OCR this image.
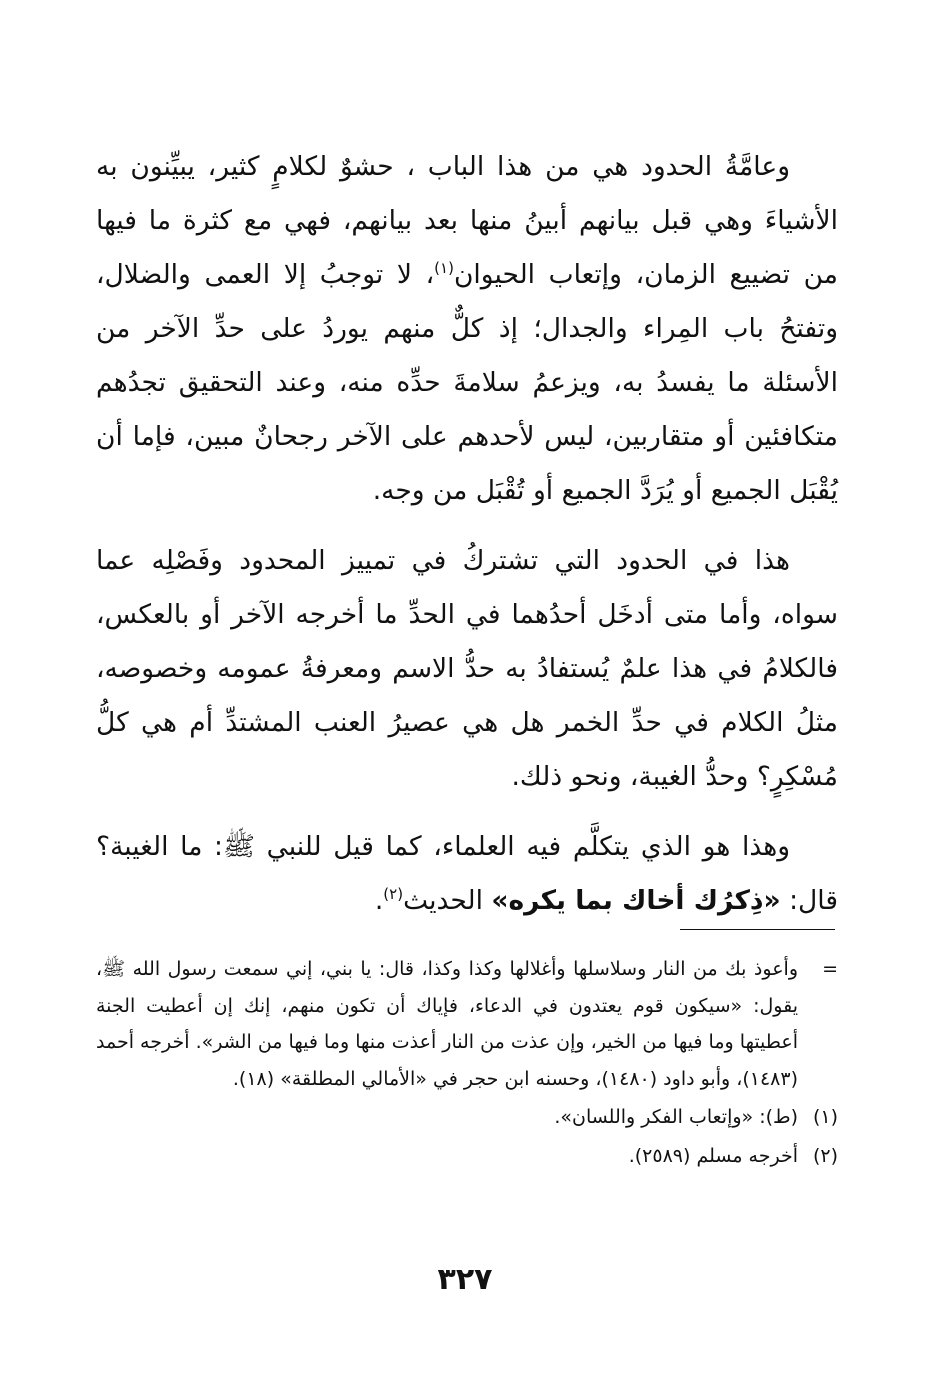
وعامَّةُ الحدود هي من هذا الباب ، حشوٌ لكلامٍ كثير، يبيِّنون به الأشياءَ وهي قبل بيانهم أبينُ منها بعد بيانهم، فهي مع كثرة ما فيها من تضييع الزمان، وإتعاب الحيوان$^{(١)}$، لا توجبُ إلا العمى والضلال، وتفتحُ باب المِراء والجدال؛ إذ كلٌّ منهم يوردُ على حدِّ الآخر من الأسئلة ما يفسدُ به، ويزعمُ سلامةَ حدِّه منه، وعند التحقيق تجدُهم متكافئين أو متقاربين، ليس لأحدهم على الآخر رجحانٌ مبين، فإما أن يُقْبَل الجميع أو يُرَدَّ الجميع أو تُقْبَل من وجه.

هذا في الحدود التي تشتركُ في تمييز المحدود وفَصْلِه عما سواه، وأما متى أدخَل أحدُهما في الحدِّ ما أخرجه الآخر أو بالعكس، فالكلامُ في هذا علمٌ يُستفادُ به حدُّ الاسم ومعرفةُ عمومه وخصوصه، مثلُ الكلام في حدِّ الخمر هل هي عصيرُ العنب المشتدِّ أم هي كلُّ مُسْكِرٍ؟ وحدُّ الغيبة، ونحو ذلك.

وهذا هو الذي يتكلَّم فيه العلماء، كما قيل للنبي ﷺ: ما الغيبة؟ قال: «ذِكرُك أخاك بما يكره» الحديث$^{(٢)}$.

=
وأعوذ بك من النار وسلاسلها وأغلالها وكذا وكذا، قال: يا بني، إني سمعت رسول الله ﷺ، يقول: «سيكون قوم يعتدون في الدعاء، فإياك أن تكون منهم، إنك إن أعطيت الجنة أعطيتها وما فيها من الخير، وإن عذت من النار أعذت منها وما فيها من الشر». أخرجه أحمد (١٤٨٣)، وأبو داود (١٤٨٠)، وحسنه ابن حجر في «الأمالي المطلقة» (١٨).
(١)
(ط): «وإتعاب الفكر واللسان».
(٢)
أخرجه مسلم (٢٥٨٩).
٣٢٧
